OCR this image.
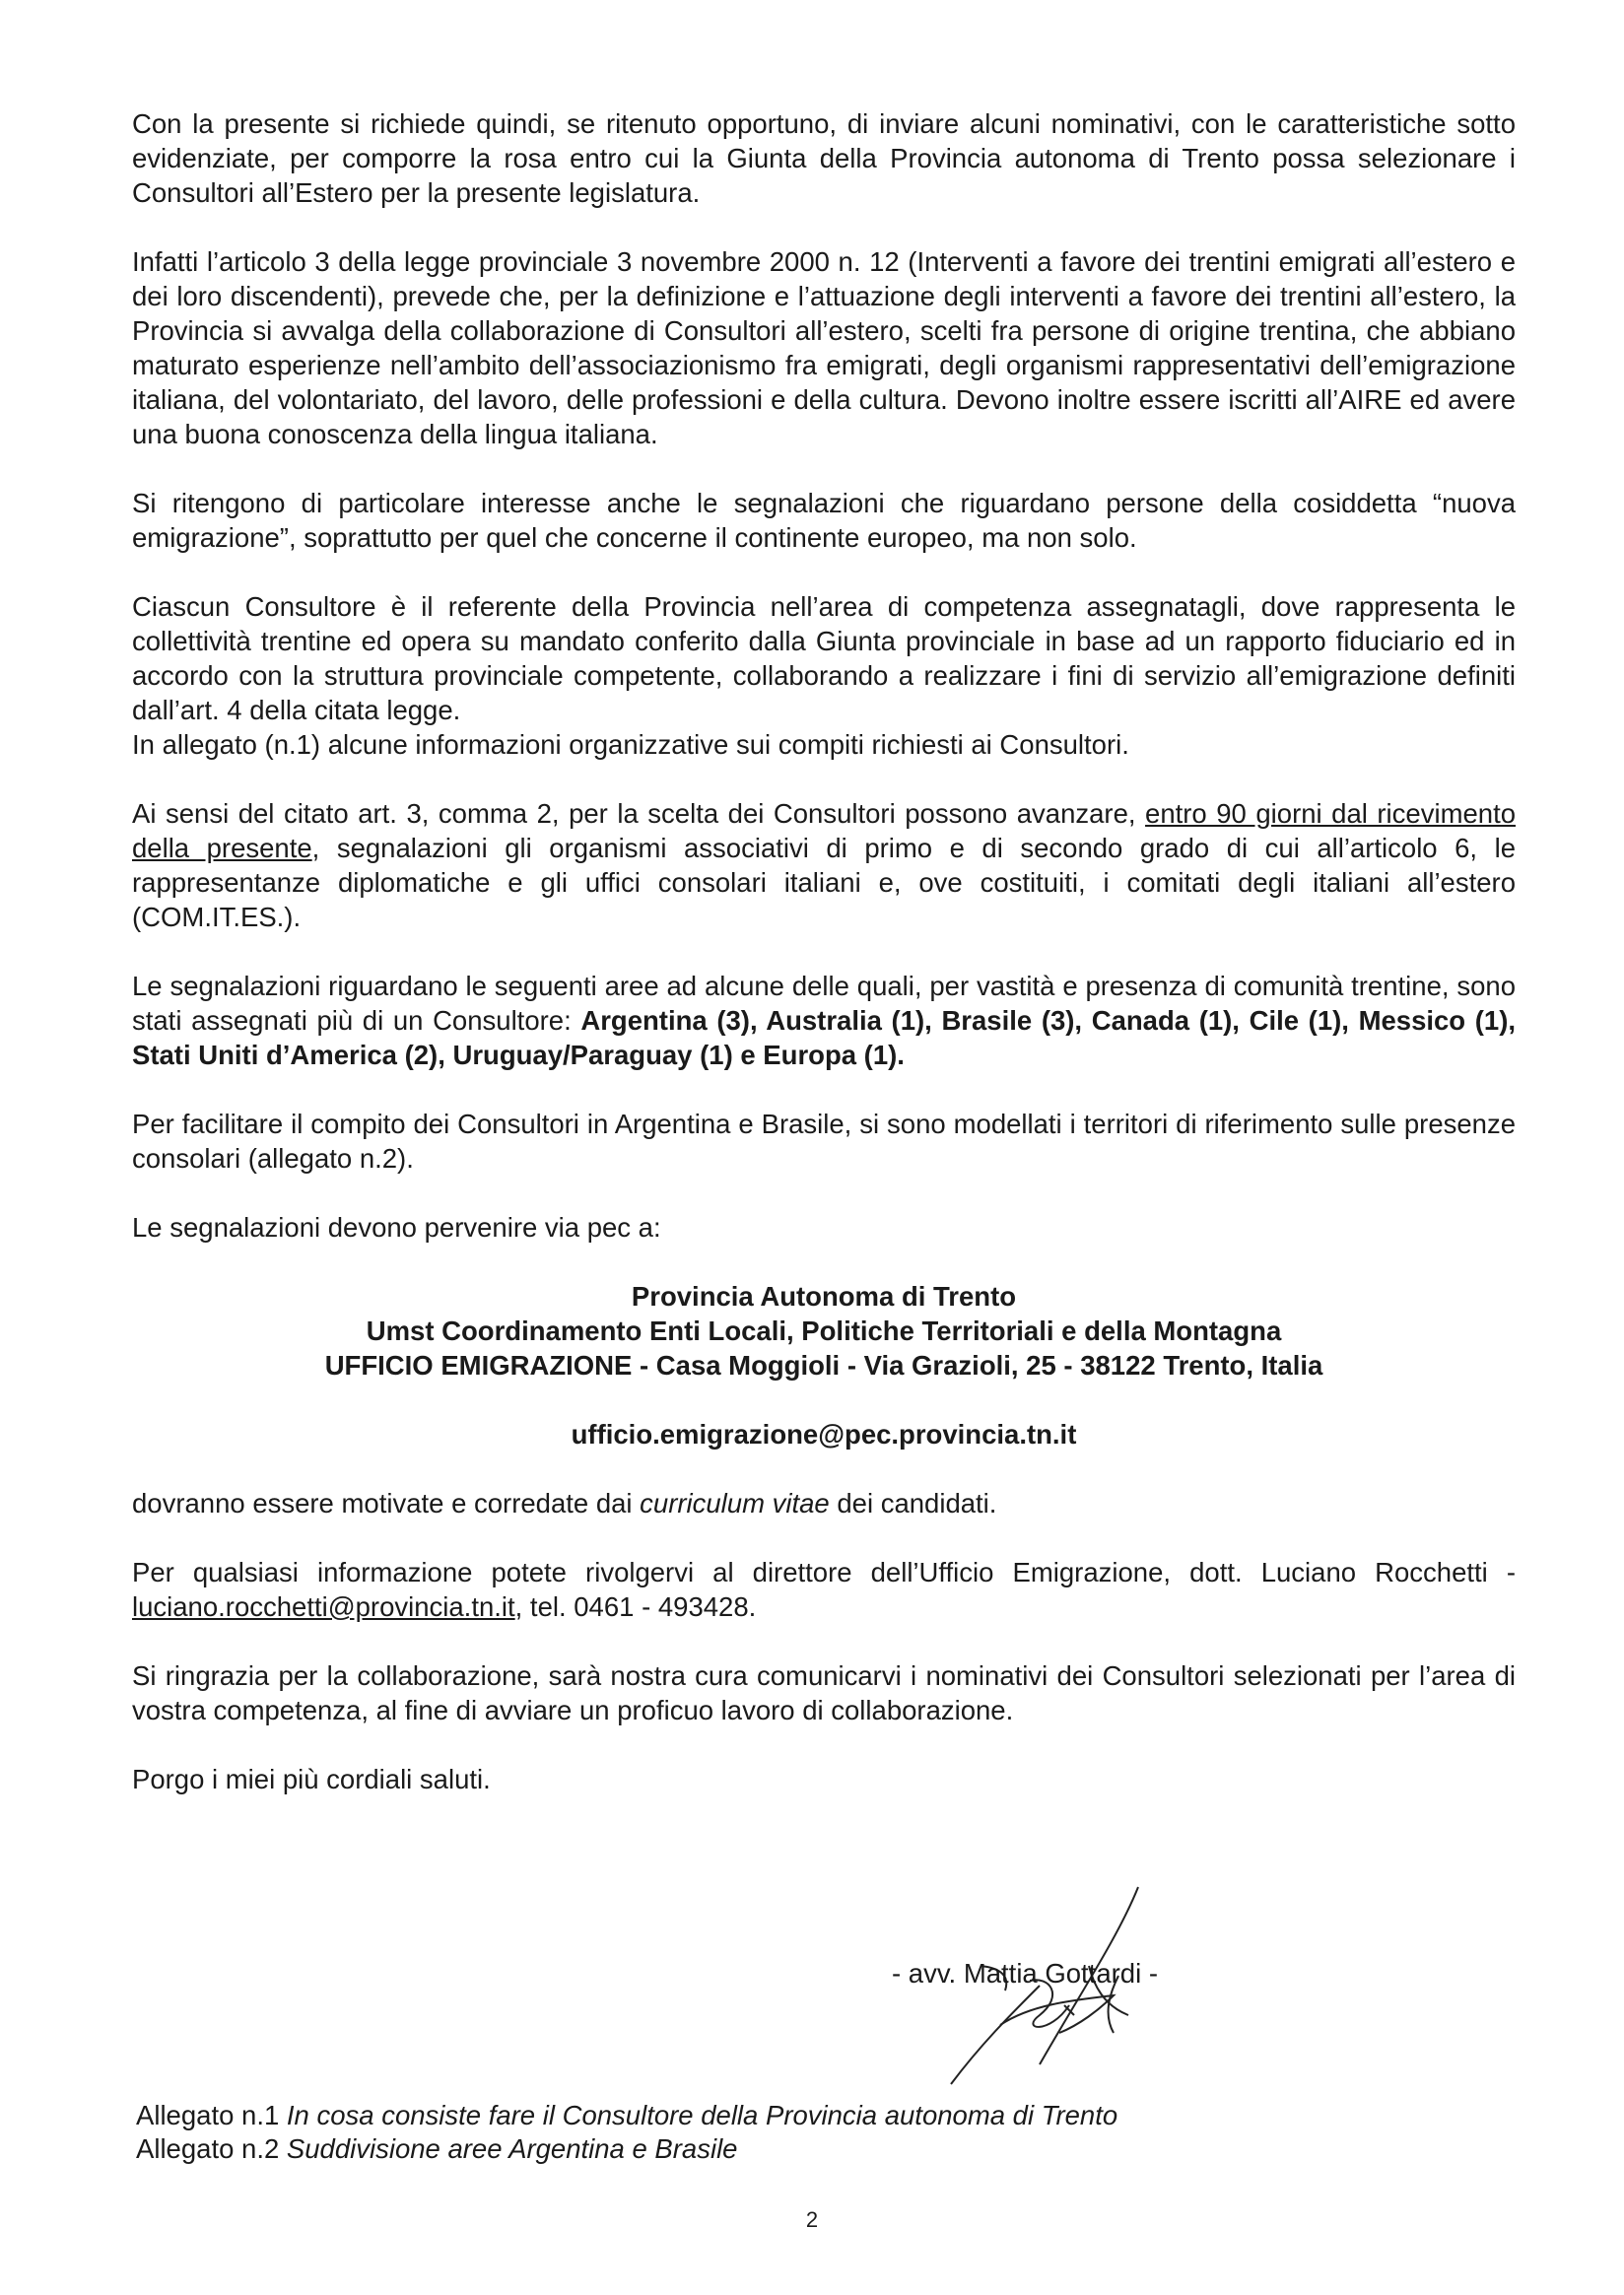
Con la presente si richiede quindi, se ritenuto opportuno, di inviare alcuni nominativi, con le caratteristiche sotto evidenziate, per comporre la rosa entro cui la Giunta della Provincia autonoma di Trento possa selezionare i Consultori all’Estero per la presente legislatura.

Infatti l’articolo 3 della legge provinciale 3 novembre 2000 n. 12 (Interventi a favore dei trentini emigrati all’estero e dei loro discendenti), prevede che, per la definizione e l’attuazione degli interventi a favore dei trentini all’estero, la Provincia si avvalga della collaborazione di Consultori all’estero, scelti fra persone di origine trentina, che abbiano maturato esperienze nell’ambito dell’associazionismo fra emigrati, degli organismi rappresentativi dell’emigrazione italiana, del volontariato, del lavoro, delle professioni e della cultura. Devono inoltre essere iscritti all’AIRE ed avere una buona conoscenza della lingua italiana.

Si ritengono di particolare interesse anche le segnalazioni che riguardano persone della cosiddetta “nuova emigrazione”, soprattutto per quel che concerne il continente europeo, ma non solo.

Ciascun Consultore è il referente della Provincia nell’area di competenza assegnatagli, dove rappresenta le collettività trentine ed opera su mandato conferito dalla Giunta provinciale in base ad un rapporto fiduciario ed in accordo con la struttura provinciale competente, collaborando a realizzare i fini di servizio all’emigrazione definiti dall’art. 4 della citata legge.

In allegato (n.1) alcune informazioni organizzative sui compiti richiesti ai Consultori.

Ai sensi del citato art. 3, comma 2, per la scelta dei Consultori possono avanzare, entro 90 giorni dal ricevimento della presente, segnalazioni gli organismi associativi di primo e di secondo grado di cui all’articolo 6, le rappresentanze diplomatiche e gli uffici consolari italiani e, ove costituiti, i comitati degli italiani all’estero (COM.IT.ES.).

Le segnalazioni riguardano le seguenti aree ad alcune delle quali, per vastità e presenza di comunità trentine, sono stati assegnati più di un Consultore: Argentina (3), Australia (1), Brasile (3), Canada (1), Cile (1), Messico (1), Stati Uniti d’America (2), Uruguay/Paraguay (1) e Europa (1).

Per facilitare il compito dei Consultori in Argentina e Brasile, si sono modellati i territori di riferimento sulle presenze consolari (allegato n.2).

Le segnalazioni devono pervenire via pec a:

Provincia Autonoma di Trento
Umst Coordinamento Enti Locali, Politiche Territoriali e della Montagna
UFFICIO EMIGRAZIONE - Casa Moggioli - Via Grazioli, 25 - 38122 Trento, Italia
ufficio.emigrazione@pec.provincia.tn.it

dovranno essere motivate e corredate dai curriculum vitae dei candidati.

Per qualsiasi informazione potete rivolgervi al direttore dell’Ufficio Emigrazione, dott. Luciano Rocchetti - luciano.rocchetti@provincia.tn.it, tel. 0461 - 493428.

Si ringrazia per la collaborazione, sarà nostra cura comunicarvi i nominativi dei Consultori selezionati per l’area di vostra competenza, al fine di avviare un proficuo lavoro di collaborazione.

Porgo i miei più cordiali saluti.

- avv. Mattia Gottardi -
Allegato n.1 In cosa consiste fare il Consultore della Provincia autonoma di Trento
Allegato n.2 Suddivisione aree Argentina e Brasile
2
